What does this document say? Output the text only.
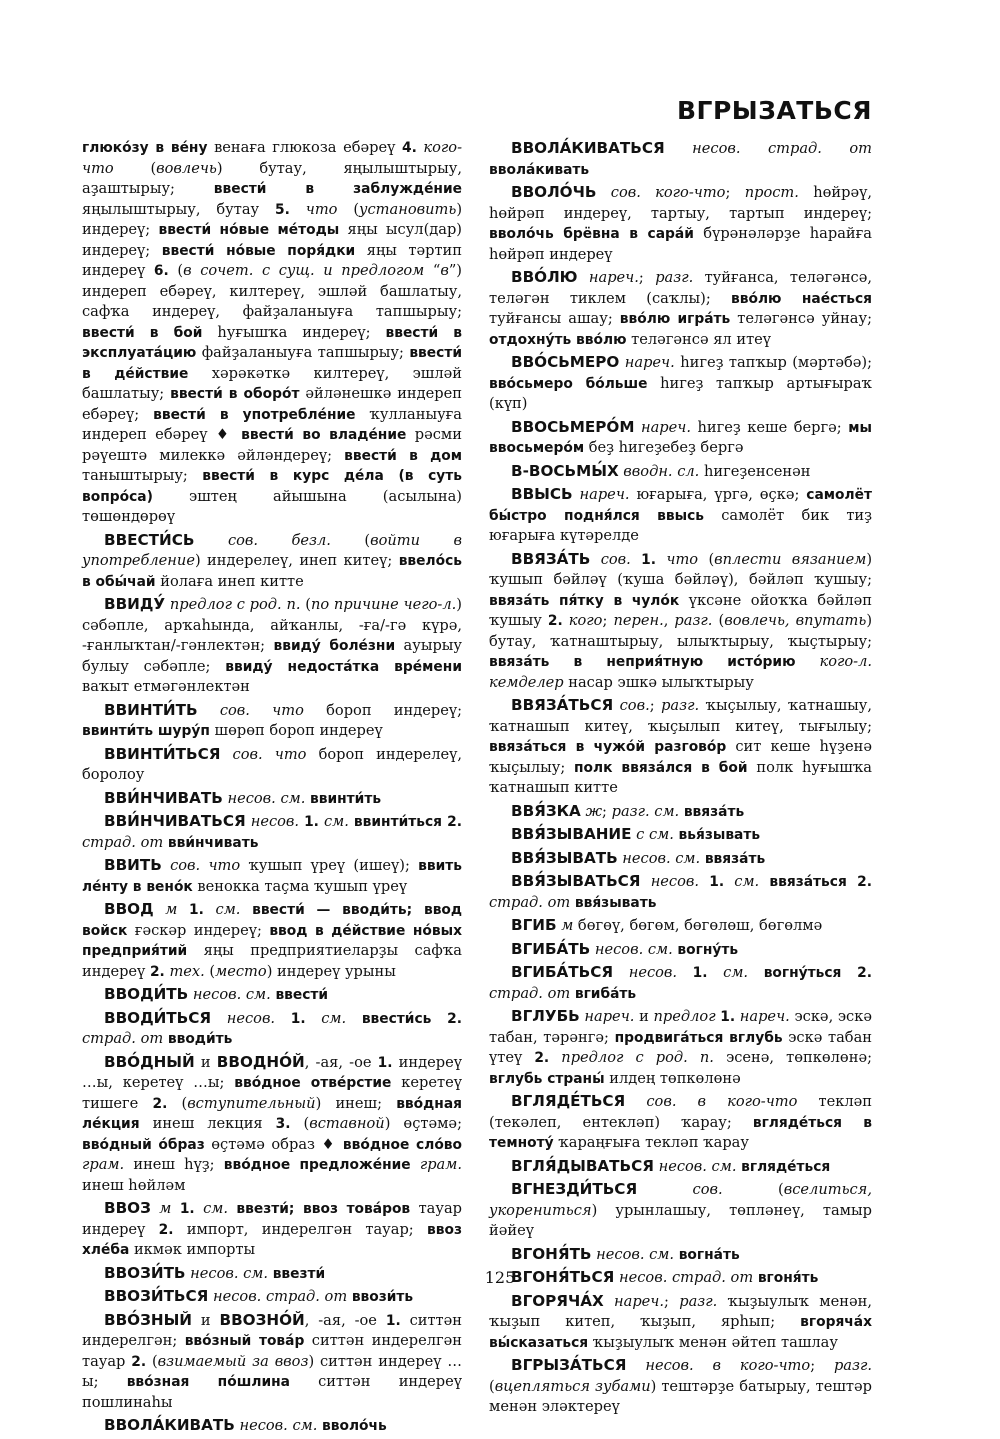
ВГРЫЗАТЬСЯ

глюко́зу в ве́ну венаға глюкоза ебәреү 4. кого-что (вовлечь) бутау, яңылыштырыу, аҙаштырыу; ввести́ в заблужде́ние яңылыштырыу, бутау 5. что (установить) индереү; ввести́ но́вые ме́тоды яңы ысул(дар) индереү; ввести́ но́вые поря́дки яңы тәртип индереү 6. (в сочет. с сущ. и предлогом “в”) индереп ебәреү, килтереү, эшләй башлатыу, сафҡа индереү, файҙаланыуға тапшырыу; ввести́ в бой һуғышҡа индереү; ввести́ в эксплуата́цию файҙаланыуға тапшырыу; ввести́ в де́йствие хәрәкәткә килтереү, эшләй башлатыу; ввести́ в оборо́т әйләнешкә индереп ебәреү; ввести́ в употребле́ние ҡулланыуға индереп ебәреү ♦ ввести́ во владе́ние рәсми рәүештә милеккә әйләндереү; ввести́ в дом таныштырыу; ввести́ в курс де́ла (в суть вопро́са) эштең айышына (асылына) төшөндөрөү

ВВЕСТИ́СЬ сов. безл. (войти в употребление) индерелеү, инеп китеү; ввело́сь в обы́чай йолаға инеп китте

ВВИДУ́ предлог с род. п. (по причине чего-л.) сәбәпле, арҡаһында, айҡанлы, -ға/-гә күрә, -ғанлыҡтан/-гәнлектән; ввиду́ боле́зни ауырыу булыу сәбәпле; ввиду́ недоста́тка вре́мени ваҡыт етмәгәнлектән

ВВИНТИ́ТЬ сов. что бороп индереү; ввинти́ть шуру́п шөрөп бороп индереү

ВВИНТИ́ТЬСЯ сов. что бороп индерелеү, боролоу

ВВИ́НЧИВАТЬ несов. см. ввинти́ть

ВВИ́НЧИВАТЬСЯ несов. 1. см. ввинти́ться 2. страд. от вви́нчивать

ВВИТЬ сов. что ҡушып үреү (ишеү); ввить ле́нту в вено́к венокка таҫма ҡушып үреү

ВВОД м 1. см. ввести́ — вводи́ть; ввод войск ғәскәр индереү; ввод в де́йствие но́вых предприя́тий яңы предприятиеларҙы сафҡа индереү 2. тех. (место) индереү урыны

ВВОДИ́ТЬ несов. см. ввести́

ВВОДИ́ТЬСЯ несов. 1. см. ввести́сь 2. страд. от вводи́ть

ВВО́ДНЫЙ и ВВОДНО́Й, -ая, -ое 1. индереү …ы, керетеү …ы; вво́дное отве́рстие керетеү тишеге 2. (вступительный) инеш; вво́дная ле́кция инеш лекция 3. (вставной) өҫтәмә; вво́дный о́браз өҫтәмә образ ♦ вво́дное сло́во грам. инеш һүҙ; вво́дное предложе́ние грам. инеш һөйләм

ВВОЗ м 1. см. ввезти́; ввоз това́ров тауар индереү 2. импорт, индерелгән тауар; ввоз хле́ба икмәк импорты

ВВОЗИ́ТЬ несов. см. ввезти́

ВВОЗИ́ТЬСЯ несов. страд. от ввози́ть

ВВО́ЗНЫЙ и ВВОЗНО́Й, -ая, -ое 1. ситтән индерелгән; вво́зный това́р ситтән индерелгән тауар 2. (взимаемый за ввоз) ситтән индереү …ы; вво́зная по́шлина ситтән индереү пошлинаһы

ВВОЛА́КИВАТЬ несов. см. вволо́чь

ВВОЛА́КИВАТЬСЯ несов. страд. от ввола́кивать

ВВОЛО́ЧЬ сов. кого-что; прост. һөйрәү, һөйрәп индереү, тартыу, тартып индереү; вволо́чь брёвна в сара́й бүрәнәләрҙе һарайға һөйрәп индереү

ВВО́ЛЮ нареч.; разг. туйғанса, теләгәнсә, теләгән тиклем (саҡлы); вво́лю нае́сться туйғансы ашау; вво́лю игра́ть теләгәнсә уйнау; отдохну́ть вво́лю теләгәнсә ял итеү

ВВО́СЬМЕРО нареч. һигеҙ тапҡыр (мәртәбә); вво́сьмеро бо́льше һигеҙ тапҡыр артығыраҡ (күп)

ВВОСЬМЕРО́М нареч. һигеҙ кеше бергә; мы ввосьмеро́м беҙ һигеҙебеҙ бергә

В-ВОСЬМЫ́Х вводн. сл. һигеҙенсенән

ВВЫСЬ нареч. юғарыға, үргә, өҫкә; самолёт бы́стро подня́лся ввысь самолёт бик тиҙ юғарыға күтәрелде

ВВЯЗА́ТЬ сов. 1. что (вплести вязанием) ҡушып бәйләү (ҡуша бәйләү), бәйләп ҡушыу; ввяза́ть пя́тку в чуло́к үксәне ойоҡҡа бәйләп ҡушыу 2. кого; перен., разг. (вовлечь, впутать) бутау, ҡатнаштырыу, ылыҡтырыу, ҡыҫтырыу; ввяза́ть в неприя́тную исто́рию кого-л. кемделер насар эшкә ылыҡтырыу

ВВЯЗА́ТЬСЯ сов.; разг. ҡыҫылыу, ҡатнашыу, ҡатнашып китеү, ҡыҫылып китеү, тығылыу; ввяза́ться в чужо́й разгово́р сит кеше һүҙенә ҡыҫылыу; полк ввяза́лся в бой полк һуғышҡа ҡатнашып китте

ВВЯ́ЗКА ж; разг. см. ввяза́ть

ВВЯ́ЗЫВАНИЕ с см. вья́зывать

ВВЯ́ЗЫВАТЬ несов. см. ввяза́ть

ВВЯ́ЗЫВАТЬСЯ несов. 1. см. ввяза́ться 2. страд. от ввя́зывать

ВГИБ м бөгөү, бөгөм, бөгөлөш, бөгөлмә

ВГИБА́ТЬ несов. см. вогну́ть

ВГИБА́ТЬСЯ несов. 1. см. вогну́ться 2. страд. от вгиба́ть

ВГЛУБЬ нареч. и предлог 1. нареч. эскә, эскә табан, тәрәнгә; продвига́ться вглубь эскә табан үтеү 2. предлог с род. п. эсенә, төпкөлөнә; вглубь страны́ илдең төпкөлөнә

ВГЛЯДЕ́ТЬСЯ сов. в кого-что текләп (текәлеп, ентекләп) ҡарау; вгляде́ться в темноту́ ҡараңғыға текләп ҡарау

ВГЛЯ́ДЫВАТЬСЯ несов. см. вгляде́ться

ВГНЕЗДИ́ТЬСЯ	сов. (вселиться, укорениться) урынлашыу, төпләнеү, тамыр йәйеү

ВГОНЯ́ТЬ несов. см. вогна́ть

ВГОНЯ́ТЬСЯ несов. страд. от вгоня́ть

ВГОРЯЧА́Х нареч.; разг. ҡыҙыулыҡ менән, ҡыҙып китеп, ҡыҙып, ярһып; вгоряча́х вы́сказаться ҡыҙыулыҡ менән әйтеп ташлау

ВГРЫЗА́ТЬСЯ несов. в кого-что; разг. (вцепляться зубами) тештәрҙе батырыу, тештәр менән эләктереү

125
